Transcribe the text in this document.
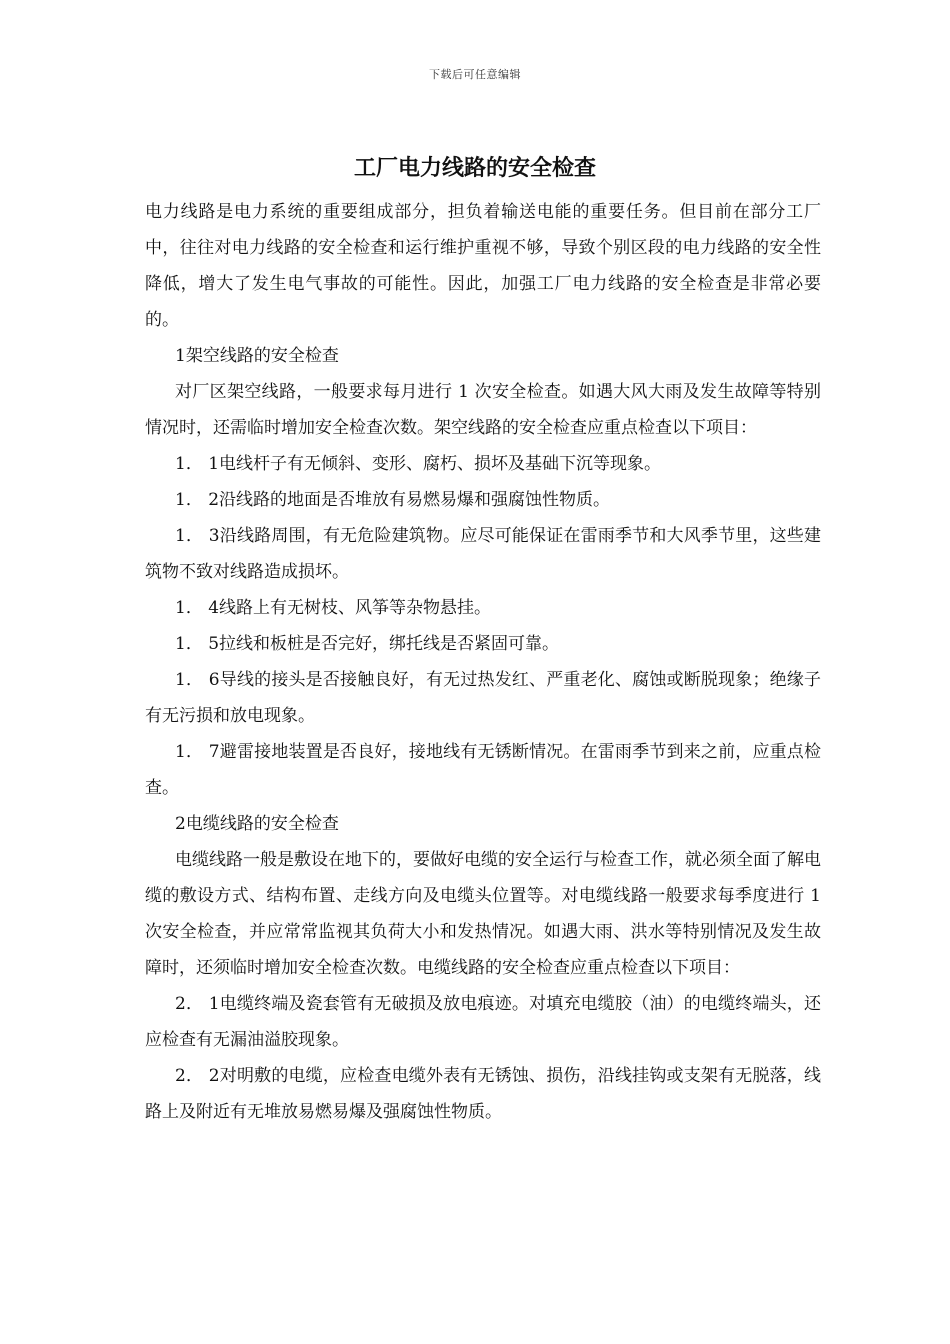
下载后可任意编辑
工厂电力线路的安全检查

电力线路是电力系统的重要组成部分，担负着输送电能的重要任务。但目前在部分工厂中，往往对电力线路的安全检查和运行维护重视不够，导致个别区段的电力线路的安全性降低，增大了发生电气事故的可能性。因此，加强工厂电力线路的安全检查是非常必要的。

1架空线路的安全检查

对厂区架空线路，一般要求每月进行 1 次安全检查。如遇大风大雨及发生故障等特别情况时，还需临时增加安全检查次数。架空线路的安全检查应重点检查以下项目：

1． 1电线杆子有无倾斜、变形、腐朽、损坏及基础下沉等现象。

1． 2沿线路的地面是否堆放有易燃易爆和强腐蚀性物质。

1． 3沿线路周围，有无危险建筑物。应尽可能保证在雷雨季节和大风季节里，这些建筑物不致对线路造成损坏。

1． 4线路上有无树枝、风筝等杂物悬挂。

1． 5拉线和板桩是否完好，绑托线是否紧固可靠。

1． 6导线的接头是否接触良好，有无过热发红、严重老化、腐蚀或断脱现象；绝缘子有无污损和放电现象。

1． 7避雷接地装置是否良好，接地线有无锈断情况。在雷雨季节到来之前，应重点检查。

2电缆线路的安全检查

电缆线路一般是敷设在地下的，要做好电缆的安全运行与检查工作，就必须全面了解电缆的敷设方式、结构布置、走线方向及电缆头位置等。对电缆线路一般要求每季度进行 1 次安全检查，并应常常监视其负荷大小和发热情况。如遇大雨、洪水等特别情况及发生故障时，还须临时增加安全检查次数。电缆线路的安全检查应重点检查以下项目：

2． 1电缆终端及瓷套管有无破损及放电痕迹。对填充电缆胶（油）的电缆终端头，还应检查有无漏油溢胶现象。

2． 2对明敷的电缆，应检查电缆外表有无锈蚀、损伤，沿线挂钩或支架有无脱落，线路上及附近有无堆放易燃易爆及强腐蚀性物质。
